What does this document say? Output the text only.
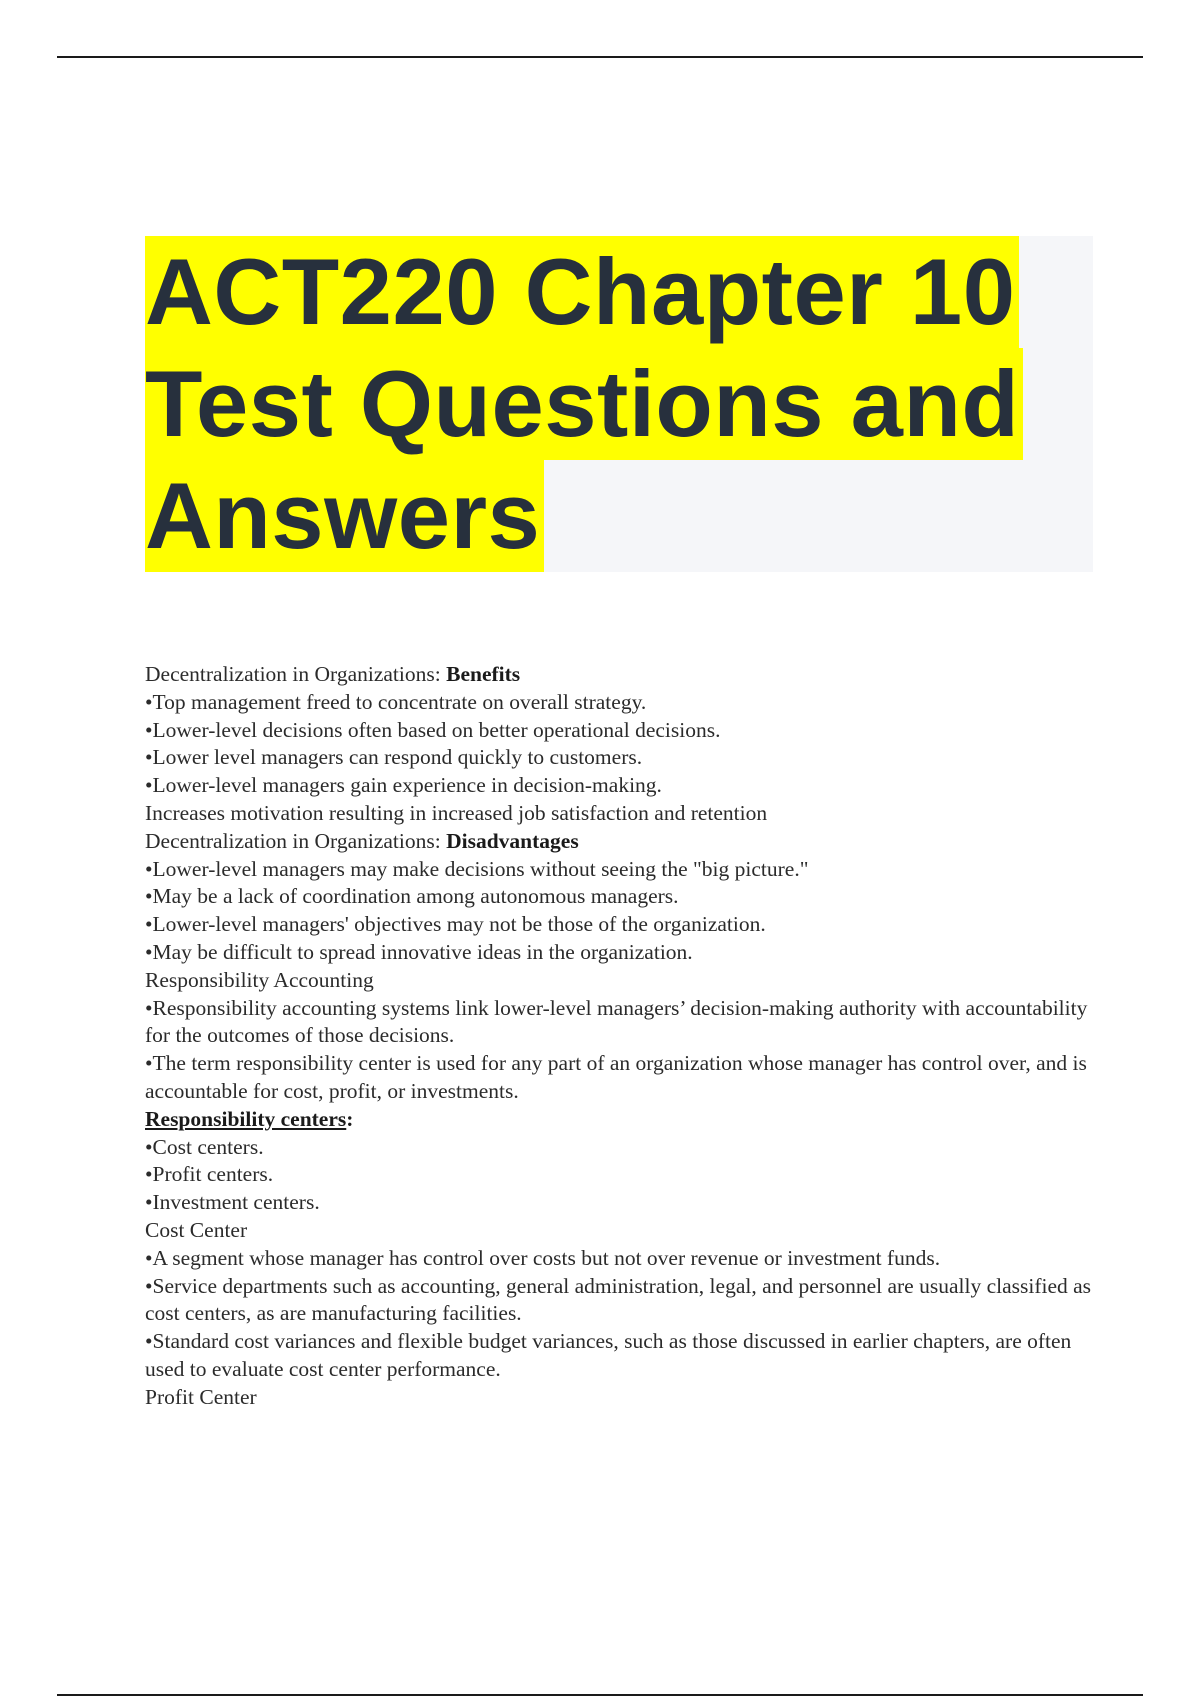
ACT220 Chapter 10
Test Questions and
Answers
Decentralization in Organizations: Benefits
•Top management freed to concentrate on overall strategy.
•Lower-level decisions often based on better operational decisions.
•Lower level managers can respond quickly to customers.
•Lower-level managers gain experience in decision-making.
Increases motivation resulting in increased job satisfaction and retention
Decentralization in Organizations: Disadvantages
•Lower-level managers may make decisions without seeing the "big picture."
•May be a lack of coordination among autonomous managers.
•Lower-level managers' objectives may not be those of the organization.
•May be difficult to spread innovative ideas in the organization.
Responsibility Accounting
•Responsibility accounting systems link lower-level managers’ decision-making authority with accountability for the outcomes of those decisions.
•The term responsibility center is used for any part of an organization whose manager has control over, and is accountable for cost, profit, or investments.
Responsibility centers:
•Cost centers.
•Profit centers.
•Investment centers.
Cost Center
•A segment whose manager has control over costs but not over revenue or investment funds.
•Service departments such as accounting, general administration, legal, and personnel are usually classified as cost centers, as are manufacturing facilities.
•Standard cost variances and flexible budget variances, such as those discussed in earlier chapters, are often used to evaluate cost center performance.
Profit Center
